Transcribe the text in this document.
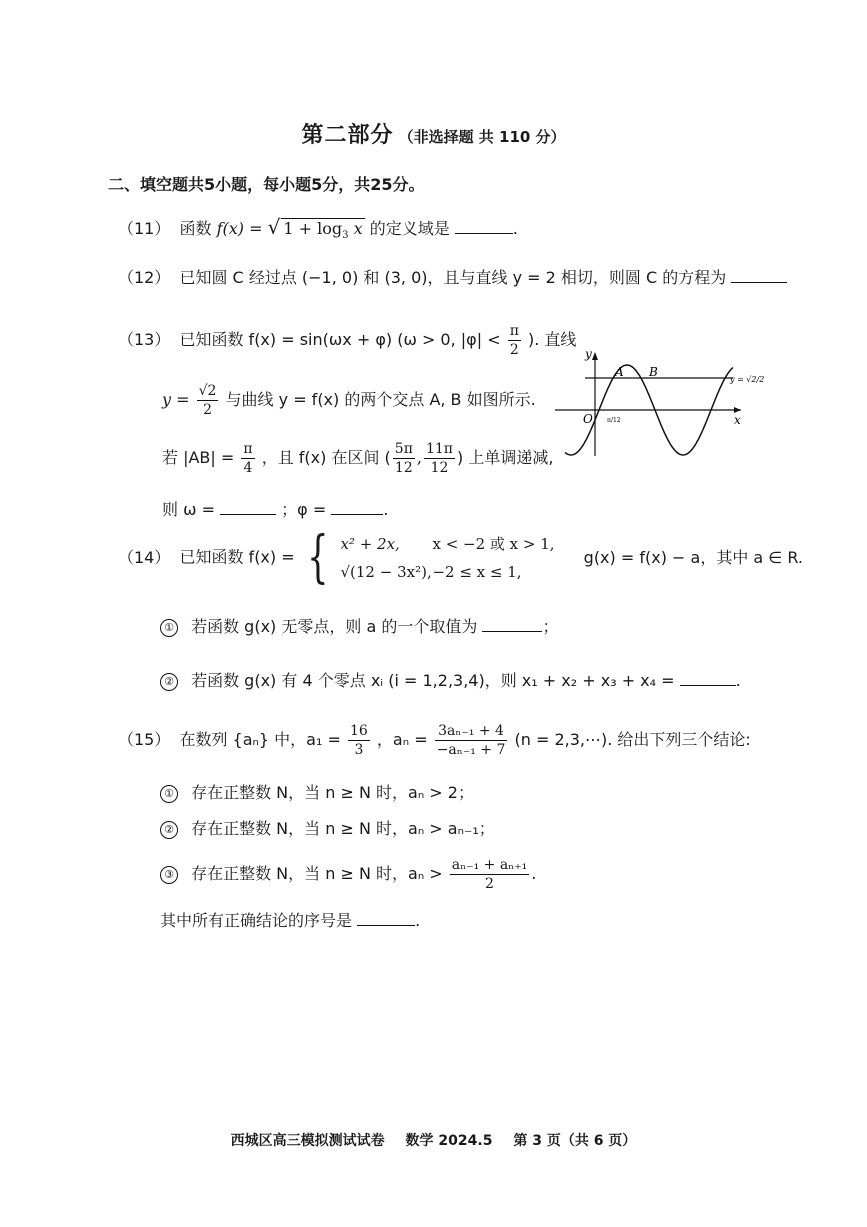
第二部分 （非选择题 共 110 分）
二、填空题共5小题，每小题5分，共25分。
（11） 函数 f(x) = √ $1 + \log_3 x$ 的定义域是	.
（12） 已知圆 C 经过点 (−1, 0) 和 (3, 0)，且与直线 y = 2 相切，则圆 C 的方程为
（13） 已知函数 f(x) = sin(ωx + φ) (ω > 0, $|\varphi| < \frac{\pi}{2}$ ). 直线
$y = \frac{√2}{2}$ 与曲线 y = f(x) 的两个交点 A, B 如图所示.
若 $|AB| = \frac{\pi}{4}$ ，且 f(x) 在区间 ( $\frac{5\pi}{12}$ , $\frac{11\pi}{12}$ ) 上单调递减,
则 ω =	；φ =	.
y
x
O
A B
y = √2/2
π/12
（14） 已知函数 f(x) = { x² + 2x, x < −2 或 x > 1,
√(12 − 3x²),−2 ≤ x ≤ 1,
g(x) = f(x) − a，其中 a ∈ R.
① 若函数 g(x) 无零点，则 a 的一个取值为	；
② 若函数 g(x) 有 4 个零点 xᵢ (i = 1,2,3,4)，则 x₁ + x₂ + x₃ + x₄ =	.
（15） 在数列 {aₙ} 中，$a_1 = \frac{16}{3}$ ，$a_n = \frac{\text{3aₙ₋₁ + 4}}{\text{−aₙ₋₁ + 7}} (n$ = 2,3,⋯). 给出下列三个结论:
① 存在正整数 N，当 n ≥ N 时，aₙ > 2；
② 存在正整数 N，当 n ≥ N 时，aₙ > aₙ₋₁；
③ 存在正整数 N，当 n ≥ N 时，$a_n > \frac{\text{aₙ₋₁ + aₙ₊₁}}{2}$ .
其中所有正确结论的序号是	.
西城区高三模拟测试试卷 数学 2024.5 第 3 页（共 6 页）
